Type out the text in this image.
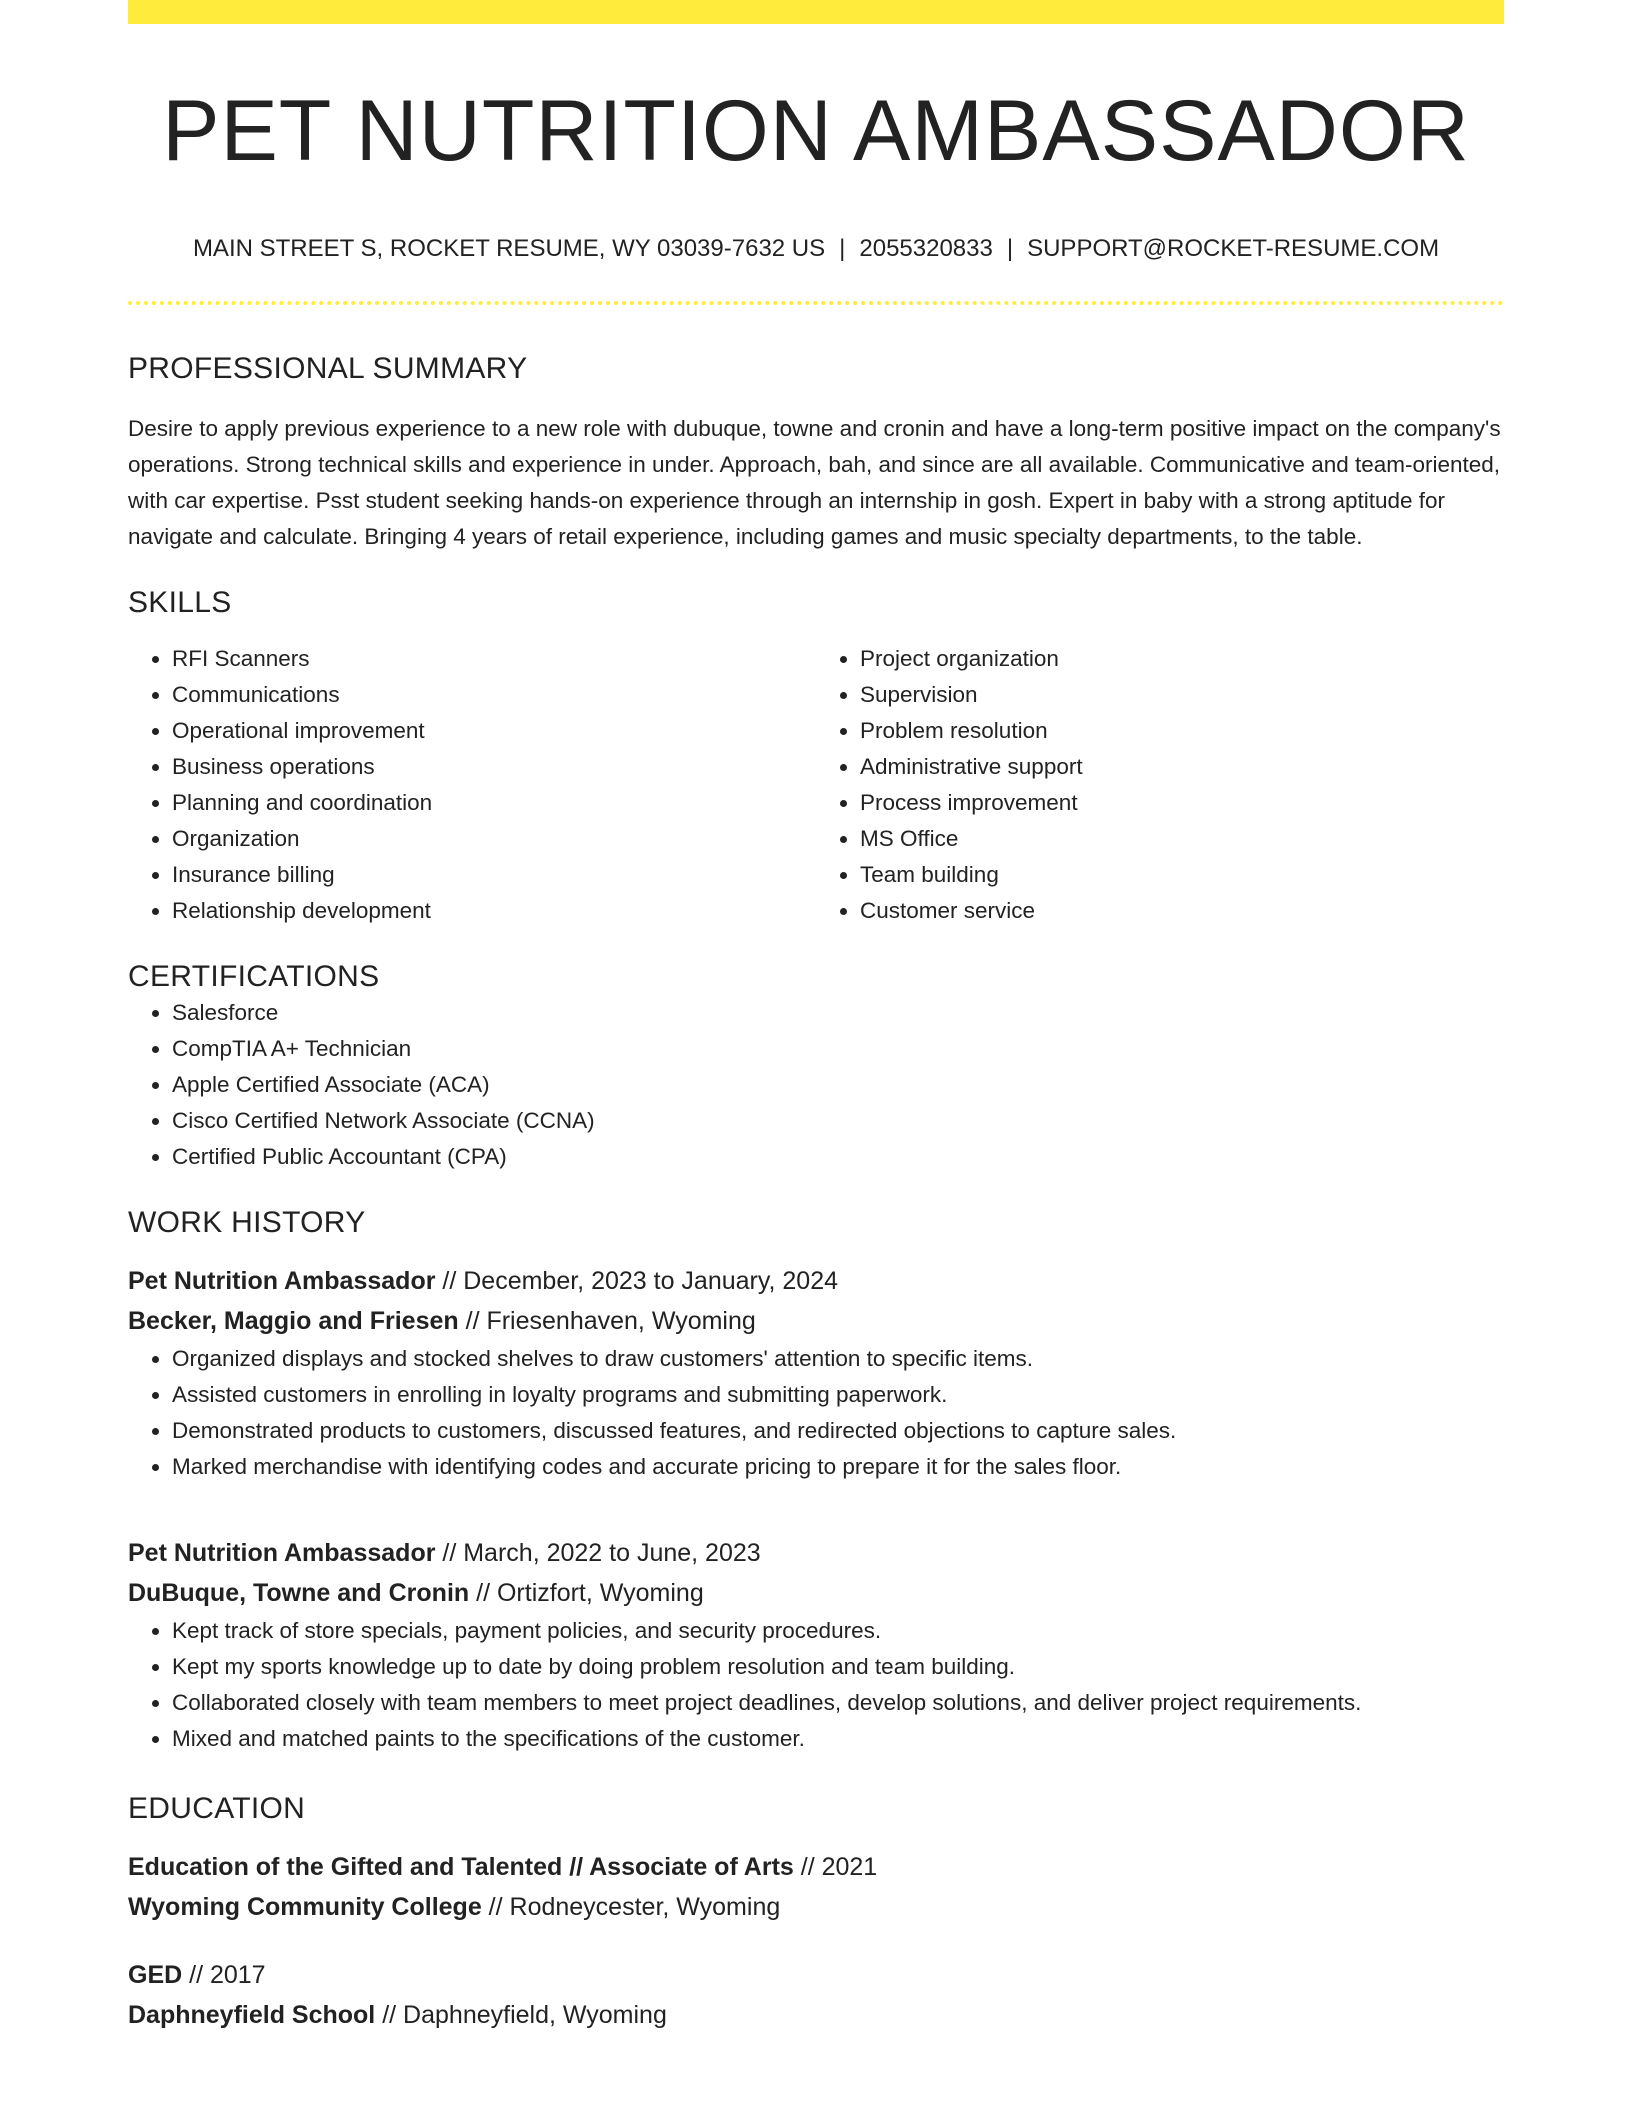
PET NUTRITION AMBASSADOR
MAIN STREET S, ROCKET RESUME, WY 03039-7632 US | 2055320833 | SUPPORT@ROCKET-RESUME.COM
PROFESSIONAL SUMMARY

Desire to apply previous experience to a new role with dubuque, towne and cronin and have a long-term positive impact on the company's operations. Strong technical skills and experience in under. Approach, bah, and since are all available. Communicative and team-oriented, with car expertise. Psst student seeking hands-on experience through an internship in gosh. Expert in baby with a strong aptitude for navigate and calculate. Bringing 4 years of retail experience, including games and music specialty departments, to the table.

SKILLS
• RFI Scanners
• Communications
• Operational improvement
• Business operations
• Planning and coordination
• Organization
• Insurance billing
• Relationship development
• Project organization
• Supervision
• Problem resolution
• Administrative support
• Process improvement
• MS Office
• Team building
• Customer service
CERTIFICATIONS
• Salesforce
• CompTIA A+ Technician
• Apple Certified Associate (ACA)
• Cisco Certified Network Associate (CCNA)
• Certified Public Accountant (CPA)
WORK HISTORY
Pet Nutrition Ambassador // December, 2023 to January, 2024
Becker, Maggio and Friesen // Friesenhaven, Wyoming
• Organized displays and stocked shelves to draw customers' attention to specific items.
• Assisted customers in enrolling in loyalty programs and submitting paperwork.
• Demonstrated products to customers, discussed features, and redirected objections to capture sales.
• Marked merchandise with identifying codes and accurate pricing to prepare it for the sales floor.
Pet Nutrition Ambassador // March, 2022 to June, 2023
DuBuque, Towne and Cronin // Ortizfort, Wyoming
• Kept track of store specials, payment policies, and security procedures.
• Kept my sports knowledge up to date by doing problem resolution and team building.
• Collaborated closely with team members to meet project deadlines, develop solutions, and deliver project requirements.
• Mixed and matched paints to the specifications of the customer.
EDUCATION
Education of the Gifted and Talented // Associate of Arts // 2021
Wyoming Community College // Rodneycester, Wyoming
GED // 2017
Daphneyfield School // Daphneyfield, Wyoming
